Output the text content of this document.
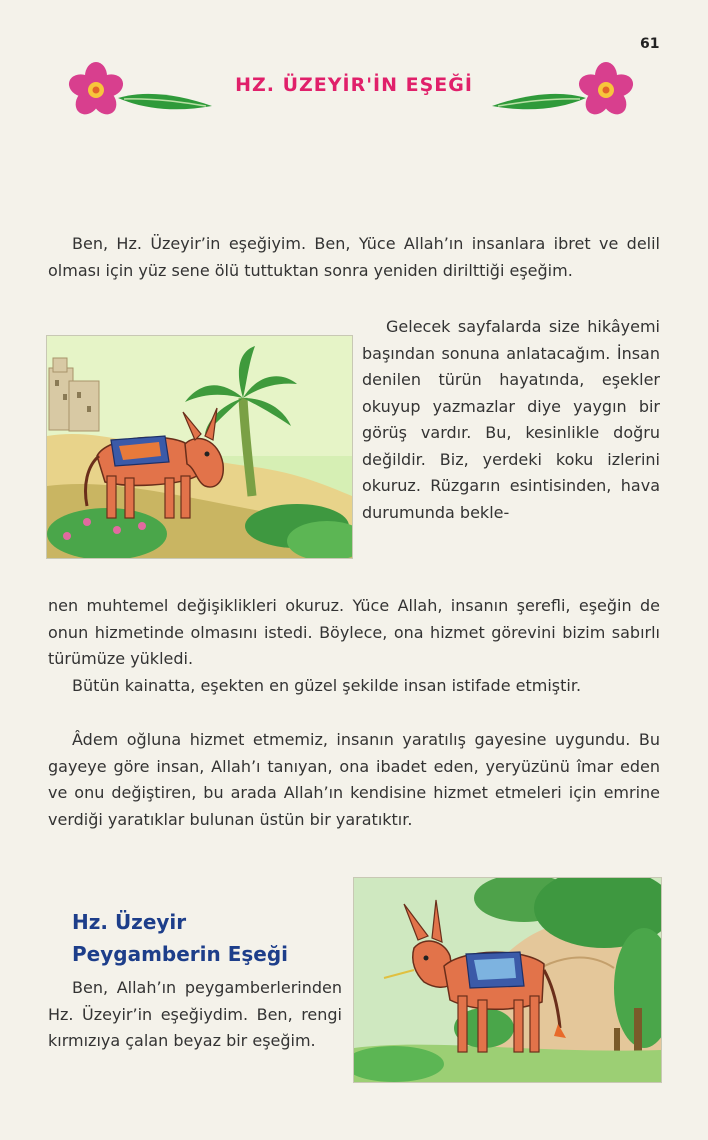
61
HZ. ÜZEYİR'İN EŞEĞİ

Ben, Hz. Üzeyir’in eşeğiyim. Ben, Yüce Allah’ın insanlara ibret ve delil olması için yüz sene ölü tuttuktan sonra yeniden dirilttiği eşeğim.

Gelecek sayfalarda size hikâyemi başından sonuna anlatacağım. İnsan denilen türün hayatında, eşekler okuyup yazmazlar diye yaygın bir görüş vardır. Bu, kesinlikle doğru değildir. Biz, yerdeki koku izlerini okuruz. Rüzgarın esintisinden, hava durumunda bekle-

nen muhtemel değişiklikleri okuruz. Yüce Allah, insanın şerefli, eşeğin de onun hizmetinde olmasını istedi. Böylece, ona hizmet görevini bizim sabırlı türümüze yükledi.

Bütün kainatta, eşekten en güzel şekilde insan istifade etmiştir.

Âdem oğluna hizmet etmemiz, insanın yaratılış gayesine uygundu. Bu gayeye göre insan, Allah’ı tanıyan, ona ibadet eden, yeryüzünü îmar eden ve onu değiştiren, bu arada Allah’ın kendisine hizmet etmeleri için emrine verdiği yaratıklar bulunan üstün bir yaratıktır.

Hz. Üzeyir
Peygamberin Eşeği

Ben, Allah’ın peygamberlerinden Hz. Üzeyir’in eşeğiydim. Ben, rengi kırmızıya çalan beyaz bir eşeğim.
